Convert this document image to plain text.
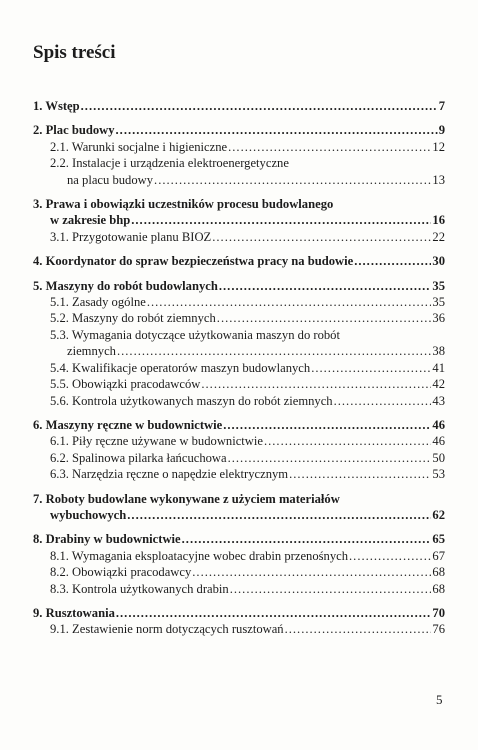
Spis treści
1. Wstęp .....	7
2. Plac budowy .....	9
2.1. Warunki socjalne i higieniczne .....	12
2.2. Instalacje i urządzenia elektroenergetyczne
na placu budowy .....	13
3. Prawa i obowiązki uczestników procesu budowlanego
w zakresie bhp .....	16
3.1. Przygotowanie planu BIOZ .....	22
4. Koordynator do spraw bezpieczeństwa pracy na budowie .....	30
5. Maszyny do robót budowlanych .....	35
5.1. Zasady ogólne .....	35
5.2. Maszyny do robót ziemnych .....	36
5.3. Wymagania dotyczące użytkowania maszyn do robót
ziemnych .....	38
5.4. Kwalifikacje operatorów maszyn budowlanych .....	41
5.5. Obowiązki pracodawców .....	42
5.6. Kontrola użytkowanych maszyn do robót ziemnych .....	43
6. Maszyny ręczne w budownictwie .....	46
6.1. Piły ręczne używane w budownictwie .....	46
6.2. Spalinowa pilarka łańcuchowa .....	50
6.3. Narzędzia ręczne o napędzie elektrycznym .....	53
7. Roboty budowlane wykonywane z użyciem materiałów
wybuchowych .....	62
8. Drabiny w budownictwie .....	65
8.1. Wymagania eksploatacyjne wobec drabin przenośnych .....	67
8.2. Obowiązki pracodawcy .....	68
8.3. Kontrola użytkowanych drabin .....	68
9. Rusztowania .....	70
9.1. Zestawienie norm dotyczących rusztowań .....	76
5
